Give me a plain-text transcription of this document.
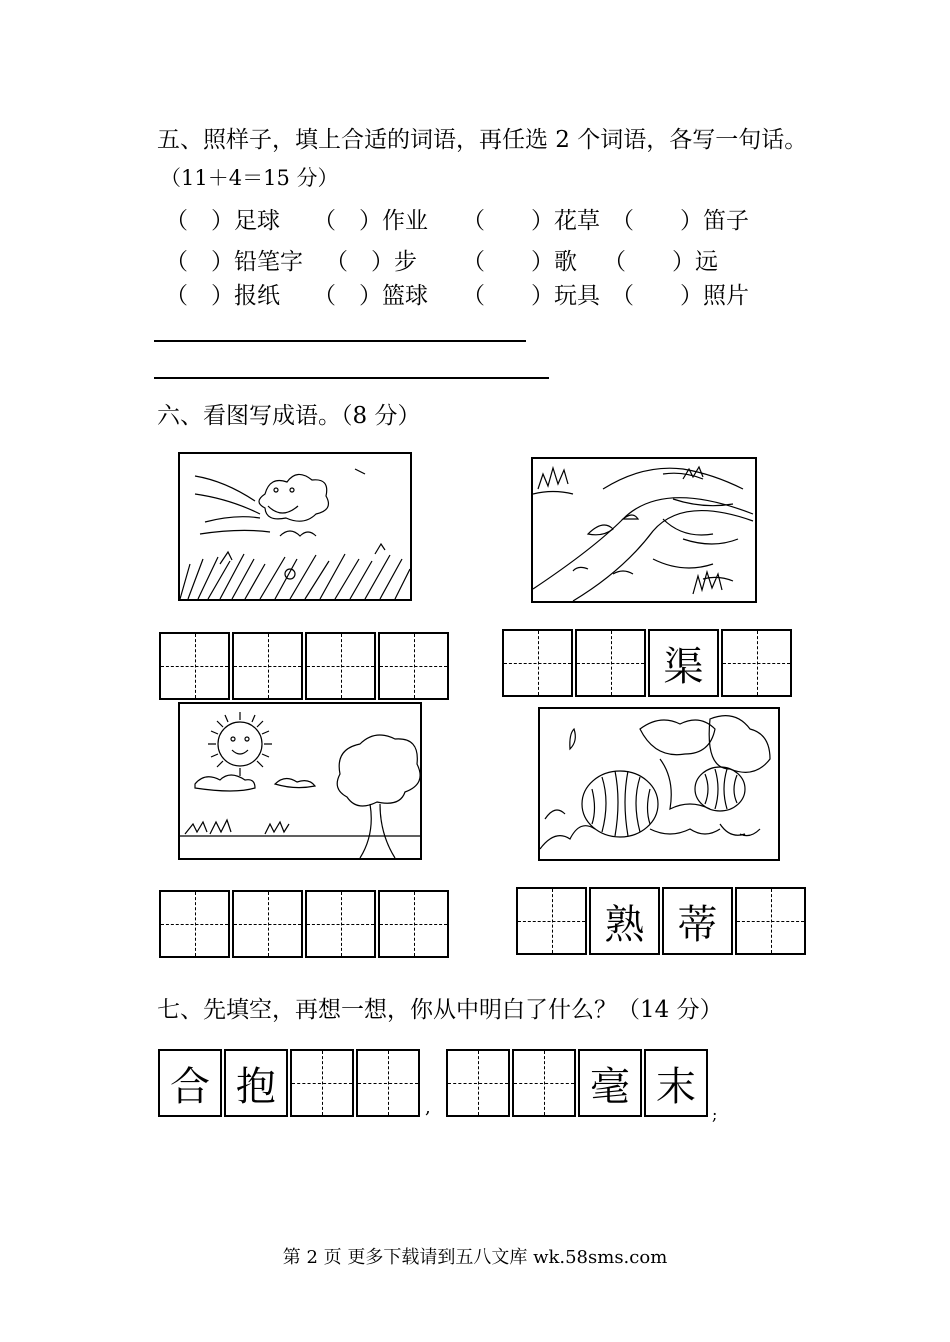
五、照样子，填上合适的词语，再任选 2 个词语，各写一句话。
（11＋4＝15 分）
（　）足球 （　）作业 （　　）花草 （　　）笛子
（　）铅笔字 （　）步 （　　）歌 （　　）远
（　）报纸 （　）篮球 （　　）玩具 （　　）照片
六、看图写成语。（8 分）
渠
熟 蒂
七、先填空，再想一想，你从中明白了什么？（14 分）
合 抱	,	毫 末
;
第 2 页 更多下载请到五八文库 wk.58sms.com
